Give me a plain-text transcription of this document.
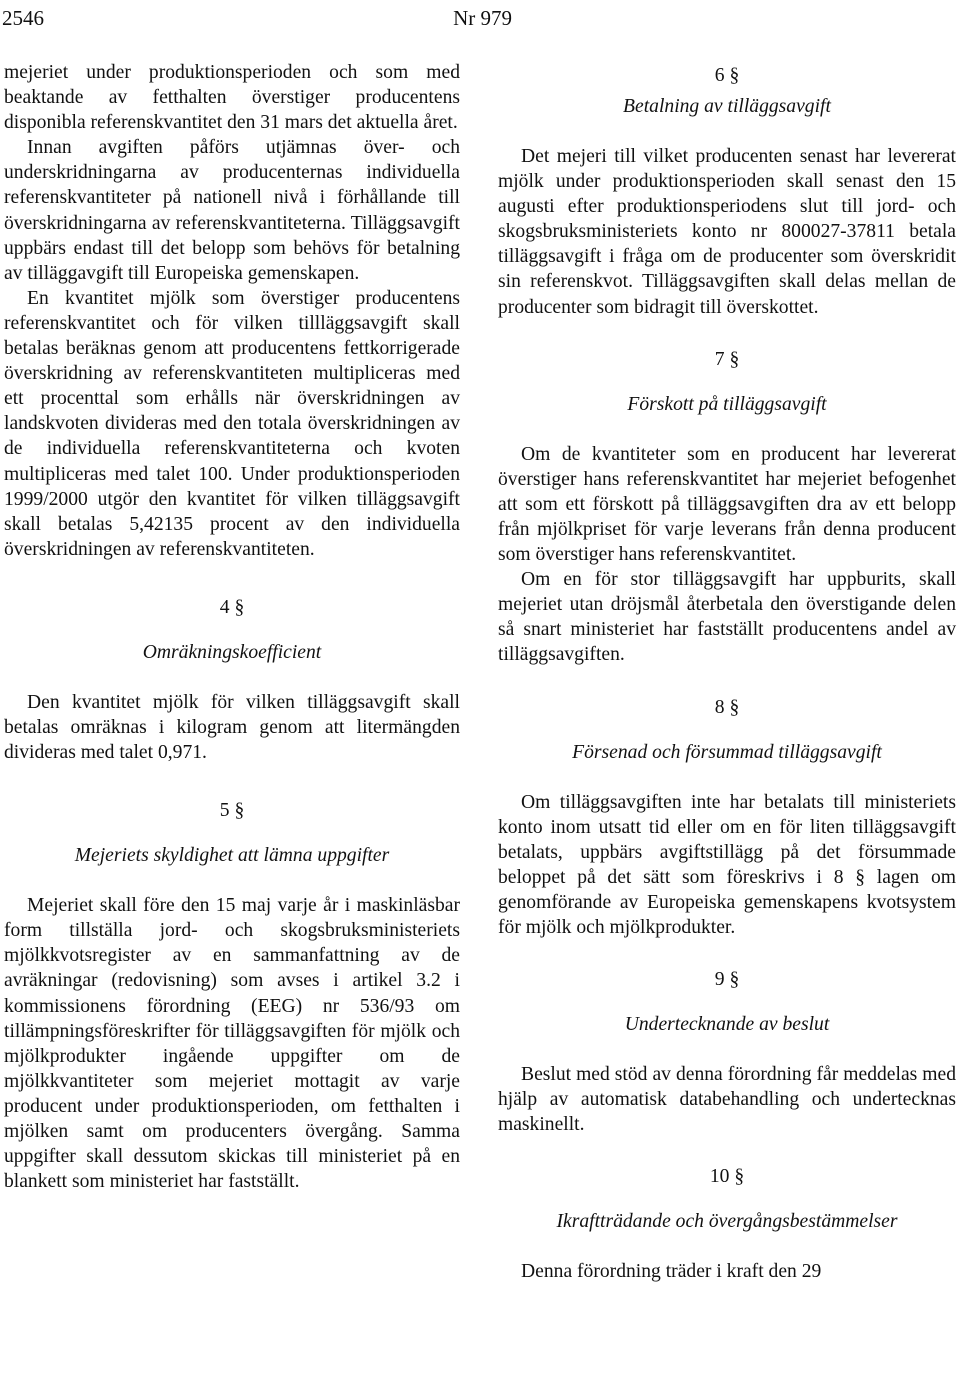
2546	Nr 979

mejeriet under produktionsperioden och som med beaktande av fetthalten överstiger producentens disponibla referenskvantitet den 31 mars det aktuella året.

Innan avgiften påförs utjämnas över- och underskridningarna av producenternas individuella referenskvantiteter på nationell nivå i förhållande till överskridningarna av referenskvantiteterna. Tilläggsavgift uppbärs endast till det belopp som behövs för betalning av tilläggavgift till Europeiska gemenskapen.

En kvantitet mjölk som överstiger producentens referenskvantitet och för vilken tillläggsavgift skall betalas beräknas genom att producentens fettkorrigerade överskridning av referenskvantiteten multipliceras med ett procenttal som erhålls när överskridningen av landskvoten divideras med den totala överskridningen av de individuella referenskvantiteterna och kvoten multipliceras med talet 100. Under produktionsperioden 1999/2000 utgör den kvantitet för vilken tilläggsavgift skall betalas 5,42135 procent av den individuella överskridningen av referenskvantiteten.

4 §

Omräkningskoefficient

Den kvantitet mjölk för vilken tilläggsavgift skall betalas omräknas i kilogram genom att litermängden divideras med talet 0,971.

5 §

Mejeriets skyldighet att lämna uppgifter

Mejeriet skall före den 15 maj varje år i maskinläsbar form tillställa jord- och skogsbruksministeriets mjölkkvotsregister av en sammanfattning av de avräkningar (redovisning) som avses i artikel 3.2 i kommissionens förordning (EEG) nr 536/93 om tillämpningsföreskrifter för tilläggsavgiften för mjölk och mjölkprodukter ingående uppgifter om de mjölkkvantiteter som mejeriet mottagit av varje producent under produktionsperioden, om fetthalten i mjölken samt om producenters övergång. Samma uppgifter skall dessutom skickas till ministeriet på en blankett som ministeriet har fastställt.

6 §

Betalning av tilläggsavgift

Det mejeri till vilket producenten senast har levererat mjölk under produktionsperioden skall senast den 15 augusti efter produktionsperiodens slut till jord- och skogsbruksministeriets konto nr 800027-37811 betala tilläggsavgift i fråga om de producenter som överskridit sin referenskvot. Tilläggsavgiften skall delas mellan de producenter som bidragit till överskottet.

7 §

Förskott på tilläggsavgift

Om de kvantiteter som en producent har levererat överstiger hans referenskvantitet har mejeriet befogenhet att som ett förskott på tilläggsavgiften dra av ett belopp från mjölkpriset för varje leverans från denna producent som överstiger hans referenskvantitet.

Om en för stor tilläggsavgift har uppburits, skall mejeriet utan dröjsmål återbetala den överstigande delen så snart ministeriet har fastställt producentens andel av tilläggsavgiften.

8 §

Försenad och försummad tilläggsavgift

Om tilläggsavgiften inte har betalats till ministeriets konto inom utsatt tid eller om en för liten tilläggsavgift betalats, uppbärs avgiftstillägg på det försummade beloppet på det sätt som föreskrivs i 8 § lagen om genomförande av Europeiska gemenskapens kvotsystem för mjölk och mjölkprodukter.

9 §

Undertecknande av beslut

Beslut med stöd av denna förordning får meddelas med hjälp av automatisk databehandling och undertecknas maskinellt.

10 §

Ikraftträdande och övergångsbestämmelser

Denna förordning träder i kraft den 29
